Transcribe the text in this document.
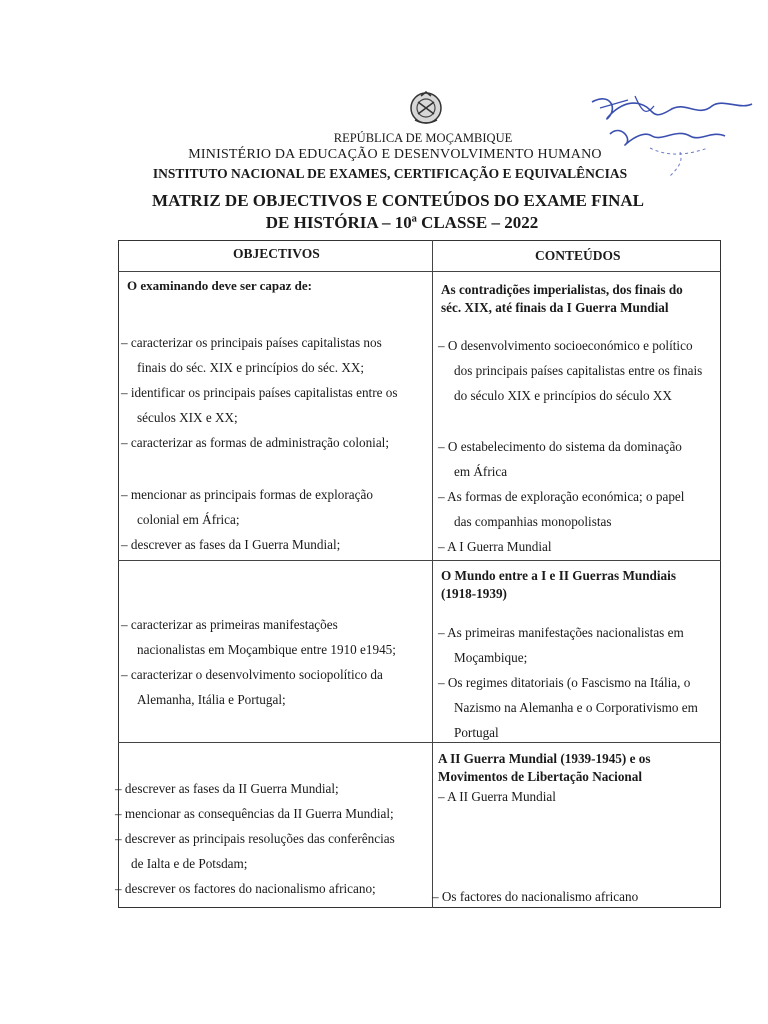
REPÚBLICA DE MOÇAMBIQUE
MINISTÉRIO DA EDUCAÇÃO E DESENVOLVIMENTO HUMANO
INSTITUTO NACIONAL DE EXAMES, CERTIFICAÇÃO E EQUIVALÊNCIAS
MATRIZ DE OBJECTIVOS E CONTEÚDOS DO EXAME FINAL
DE HISTÓRIA – 10ª CLASSE – 2022
OBJECTIVOS	CONTEÚDOS
O examinando deve ser capaz de:	As contradições imperialistas, dos finais do
séc. XIX, até finais da I Guerra Mundial
– caracterizar os principais países capitalistas nos
finais do séc. XIX e princípios do séc. XX;
– identificar os principais países capitalistas entre os
séculos XIX e XX;
– caracterizar as formas de administração colonial;
– mencionar as principais formas de exploração
colonial em África;
– descrever as fases da I Guerra Mundial;
– O desenvolvimento socioeconómico e político
dos principais países capitalistas entre os finais
do século XIX e princípios do século XX
– O estabelecimento do sistema da dominação
em África
– As formas de exploração económica; o papel
das companhias monopolistas
– A I Guerra Mundial
O Mundo entre a I e II Guerras Mundiais
(1918-1939)
– caracterizar as primeiras manifestações
nacionalistas em Moçambique entre 1910 e1945;
– caracterizar o desenvolvimento sociopolítico da
Alemanha, Itália e Portugal;
– As primeiras manifestações nacionalistas em
Moçambique;
– Os regimes ditatoriais (o Fascismo na Itália, o
Nazismo na Alemanha e o Corporativismo em
Portugal
A II Guerra Mundial (1939-1945) e os
Movimentos de Libertação Nacional
– A II Guerra Mundial
– descrever as fases da II Guerra Mundial;
– mencionar as consequências da II Guerra Mundial;
– descrever as principais resoluções das conferências
de Ialta e de Potsdam;
– descrever os factores do nacionalismo africano;
– Os factores do nacionalismo africano
